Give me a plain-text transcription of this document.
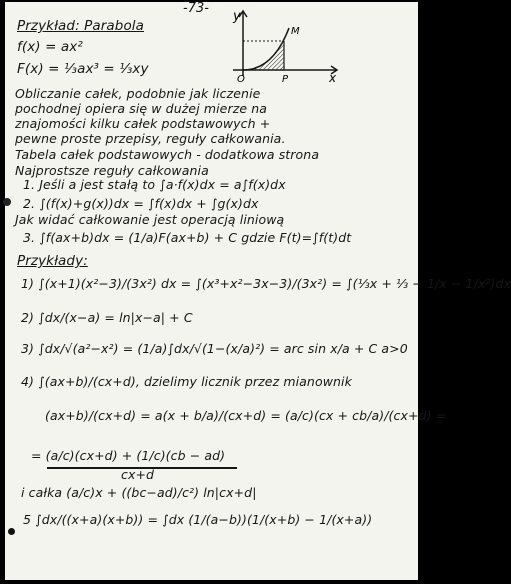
-73-
y
O	P
M
x
Przykład: Parabola
f(x) = ax²
F(x) = ⅓ax³ = ⅓xy
Obliczanie całek, podobnie jak liczenie
pochodnej opiera się w dużej mierze na
znajomości kilku całek podstawowych +
pewne proste przepisy, reguły całkowania.
Tabela całek podstawowych - dodatkowa strona
Najprostsze reguły całkowania
1. Jeśli a jest stałą to ∫a·f(x)dx = a∫f(x)dx
2. ∫(f(x)+g(x))dx = ∫f(x)dx + ∫g(x)dx
Jak widać całkowanie jest operacją liniową
3. ∫f(ax+b)dx = (1/a)F(ax+b) + C gdzie F(t)=∫f(t)dt
Przykłady:
1) ∫(x+1)(x²−3)/(3x²) dx = ∫(x³+x²−3x−3)/(3x²) = ∫(⅓x + ⅓ − 1/x − 1/x²)dx
2) ∫dx/(x−a) = ln|x−a| + C
3) ∫dx/√(a²−x²) = (1/a)∫dx/√(1−(x/a)²) = arc sin x/a + C a>0
4) ∫(ax+b)/(cx+d), dzielimy licznik przez mianownik
(ax+b)/(cx+d) = a(x + b/a)/(cx+d) = (a/c)(cx + cb/a)/(cx+d) =
= (a/c)(cx+d) + (1/c)(cb − ad)
cx+d
i całka (a/c)x + ((bc−ad)/c²) ln|cx+d|
5 ∫dx/((x+a)(x+b)) = ∫dx (1/(a−b))(1/(x+b) − 1/(x+a))
